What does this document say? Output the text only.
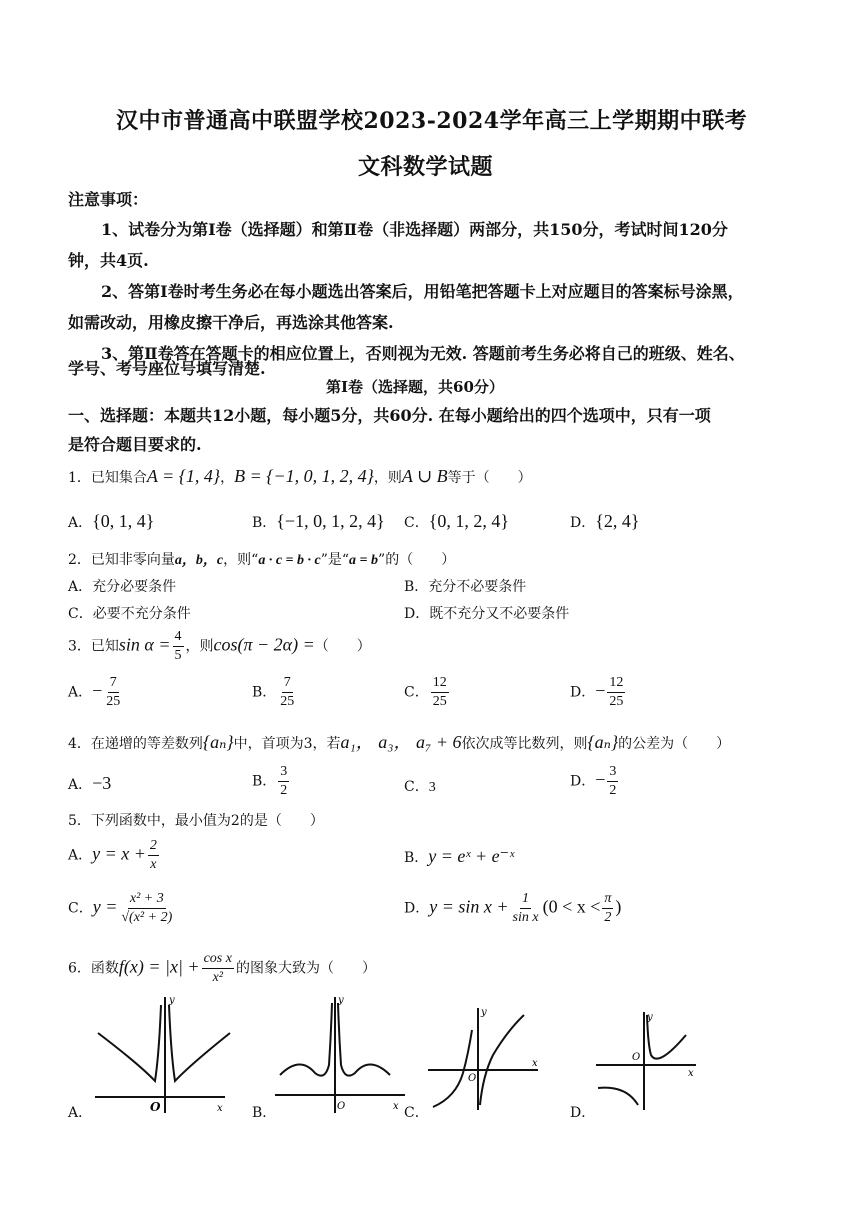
汉中市普通高中联盟学校2023-2024学年高三上学期期中联考
文科数学试题
注意事项：
1、试卷分为第Ⅰ卷（选择题）和第Ⅱ卷（非选择题）两部分，共150分，考试时间120分
钟，共4页.
2、答第Ⅰ卷时考生务必在每小题选出答案后，用铅笔把答题卡上对应题目的答案标号涂黑，
如需改动，用橡皮擦干净后，再选涂其他答案.
3、第Ⅱ卷答在答题卡的相应位置上，否则视为无效. 答题前考生务必将自己的班级、姓名、
学号、考号座位号填写清楚.
第Ⅰ卷（选择题，共60分）
一、选择题：本题共12小题，每小题5分，共60分. 在每小题给出的四个选项中，只有一项
是符合题目要求的.
1．已知集合A = {1, 4}，B = {−1, 0, 1, 2, 4}，则A ∪ B等于（　　）
A．{0, 1, 4}	B．{−1, 0, 1, 2, 4} C．{0, 1, 2, 4}	D．{2, 4}
2．已知非零向量a，b，c，则“a · c = b · c”是“a = b”的（　　）
A．充分必要条件	B．充分不必要条件
C．必要不充分条件	D．既不充分又不必要条件
3．已知$\sin \alpha = \frac{4}{5}$ ，则cos(π − 2α) =（　　）
A．− $\frac{7}{25}$	B． $\frac{7}{25}$	C． $\frac{12}{25}$	D．− $\frac{12}{25}$
4．在递增的等差数列{aₙ}中，首项为3，若a₁， a₃， a₇ + 6依次成等比数列，则{aₙ}的公差为（　　）
A．−3	B． $\frac{3}{2}$	C．3	D．− $\frac{3}{2}$
5．下列函数中，最小值为2的是（　　）
A．$y = x + \frac{2}{x}$	B．y = eˣ + e⁻ˣ
C．$y = \frac{\text{x² + 3}}{\text{√(x² + 2)}}$	D．$y = \sin x + \frac{1}{\text{sin x}} (0 < x < \frac{\pi}{2}$ )
6．函数$f(x) = |x| + \frac{\text{cos x}}{\text{x²}}$ 的图象大致为（　　）
A．	B．	C．	D．
O	x
y
O	x
y
O
x
y
O
x
y
